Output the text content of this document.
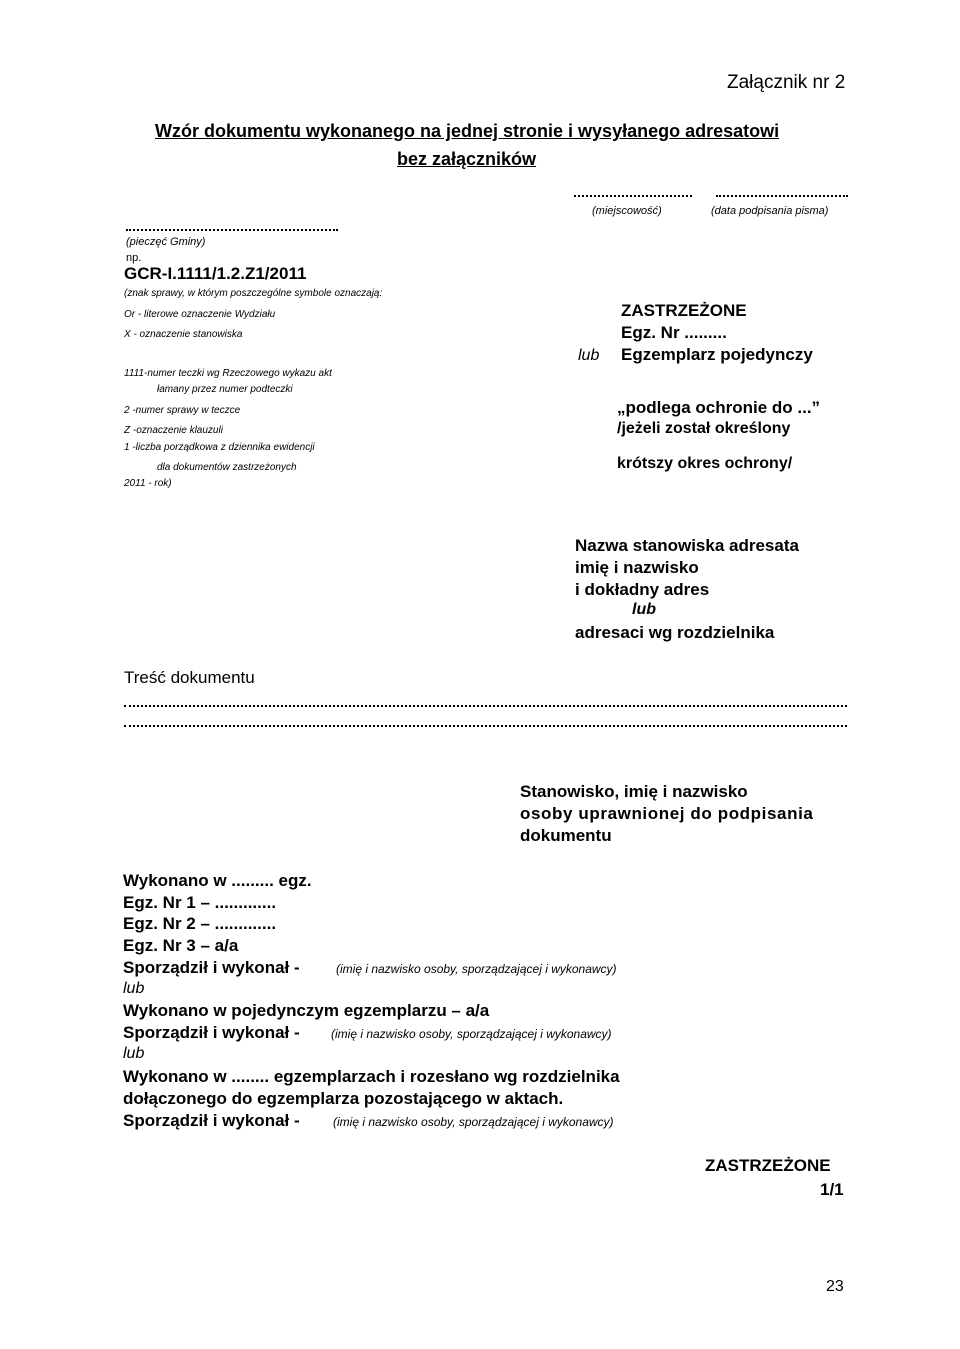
Załącznik nr 2
Wzór dokumentu wykonanego na jednej stronie i wysyłanego adresatowi
bez załączników
(miejscowość)	(data podpisania pisma)
(pieczęć Gminy)
np.
GCR-I.1111/1.2.Z1/2011
(znak sprawy, w którym poszczególne symbole oznaczają:
Or - literowe oznaczenie Wydziału
X - oznaczenie stanowiska
1111-numer teczki wg Rzeczowego wykazu akt
łamany przez numer podteczki
2 -numer sprawy w teczce
Z -oznaczenie klauzuli
1 -liczba porządkowa z dziennika ewidencji
dla dokumentów zastrzeżonych
2011 - rok)
ZASTRZEŻONE
Egz. Nr .........
lub Egzemplarz pojedynczy
„podlega ochronie do ...”
/jeżeli został określony
krótszy okres ochrony/
Nazwa stanowiska adresata
imię i nazwisko
i dokładny adres
lub
adresaci wg rozdzielnika
Treść dokumentu
Stanowisko, imię i nazwisko
osoby uprawnionej do podpisania
dokumentu
Wykonano w ......... egz.
Egz. Nr 1 – .............
Egz. Nr 2 – .............
Egz. Nr 3 – a/a
Sporządził i wykonał -	(imię i nazwisko osoby, sporządzającej i wykonawcy)
lub
Wykonano w pojedynczym egzemplarzu – a/a
Sporządził i wykonał -	(imię i nazwisko osoby, sporządzającej i wykonawcy)
lub
Wykonano w ........ egzemplarzach i rozesłano wg rozdzielnika
dołączonego do egzemplarza pozostającego w aktach.
Sporządził i wykonał -	(imię i nazwisko osoby, sporządzającej i wykonawcy)
ZASTRZEŻONE
1/1
23
